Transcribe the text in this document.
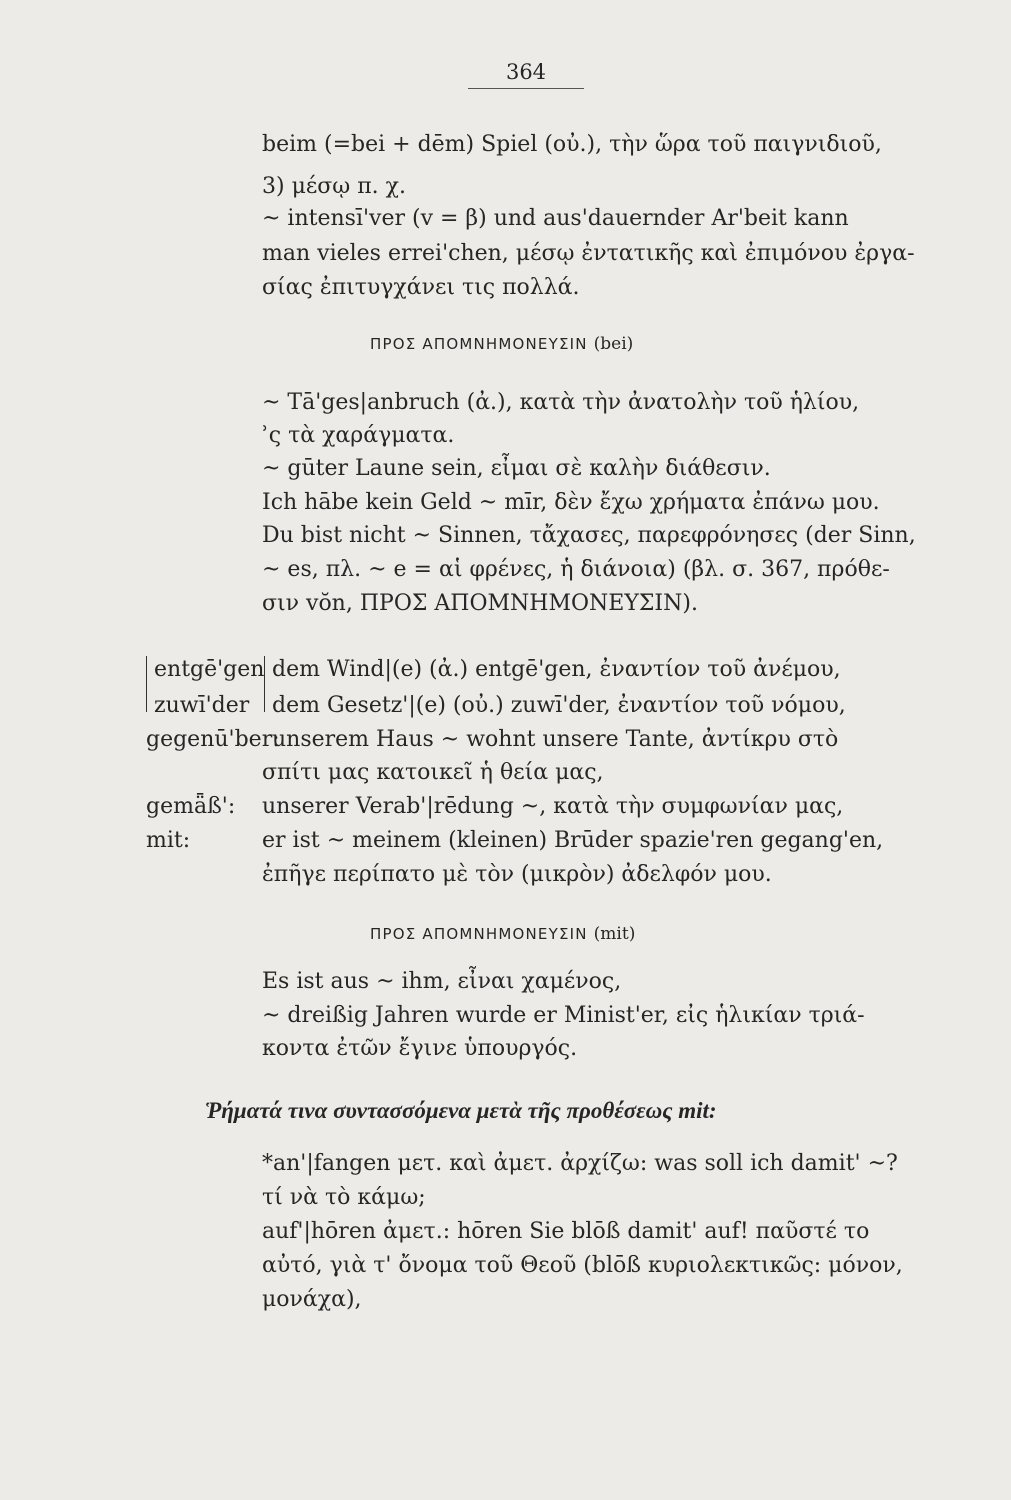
364
beim (=bei + dēm) Spiel (οὐ.), τὴν ὥρα τοῦ παιγνιδιοῦ,
3) μέσῳ π. χ.
~ intensī'ver (v = β) und aus'dauernder Ar'beit kann
man vieles errei'chen, μέσῳ ἐντατικῆς καὶ ἐπιμόνου ἐργα-
σίας ἐπιτυγχάνει τις πολλά.
ΠΡΟΣ ΑΠΟΜΝΗΜΟΝΕΥΣΙΝ (bei)
~ Tā'ges|anbruch (ἀ.), κατὰ τὴν ἀνατολὴν τοῦ ἡλίου,
ʾς τὰ χαράγματα.
~ gūter Laune sein, εἶμαι σὲ καλὴν διάθεσιν.
Ich hābe kein Geld ~ mīr, δὲν ἔχω χρήματα ἐπάνω μου.
Du bist nicht ~ Sinnen, τἄχασες, παρεφρόνησες (der Sinn,
~ es, πλ. ~ e = αἱ φρένες, ἡ διάνοια) (βλ. σ. 367, πρόθε-
σιν vŏn, ΠΡΟΣ ΑΠΟΜΝΗΜΟΝΕΥΣΙΝ).
entgē'gen dem Wind|(e) (ἀ.) entgē'gen, ἐναντίον τοῦ ἀνέμου,
zuwī'der dem Gesetz'|(e) (οὐ.) zuwī'der, ἐναντίον τοῦ νόμου,
gegenū'ber:
unserem Haus ~ wohnt unsere Tante, ἀντίκρυ στὸ
σπίτι μας κατοικεῖ ἡ θεία μας,
gemǟß': unserer Verab'|rēdung ~, κατὰ τὴν συμφωνίαν μας,
mit:	er ist ~ meinem (kleinen) Brūder spazie'ren gegang'en,
ἐπῆγε περίπατο μὲ τὸν (μικρὸν) ἀδελφόν μου.
ΠΡΟΣ ΑΠΟΜΝΗΜΟΝΕΥΣΙΝ (mit)
Es ist aus ~ ihm, εἶναι χαμένος,
~ dreißig Jahren wurde er Minist'er, εἰς ἡλικίαν τριά-
κοντα ἐτῶν ἔγινε ὑπουργός.
Ῥήματά τινα συντασσόμενα μετὰ τῆς προθέσεως mit:
*an'|fangen μετ. καὶ ἀμετ. ἀρχίζω: was soll ich damit' ~?
τί νὰ τὸ κάμω;
auf'|hōren ἀμετ.: hōren Sie blōß damit' auf! παῦστέ το
αὐτό, γιὰ τ' ὄνομα τοῦ Θεοῦ (blōß κυριολεκτικῶς: μόνον,
μονάχα),
